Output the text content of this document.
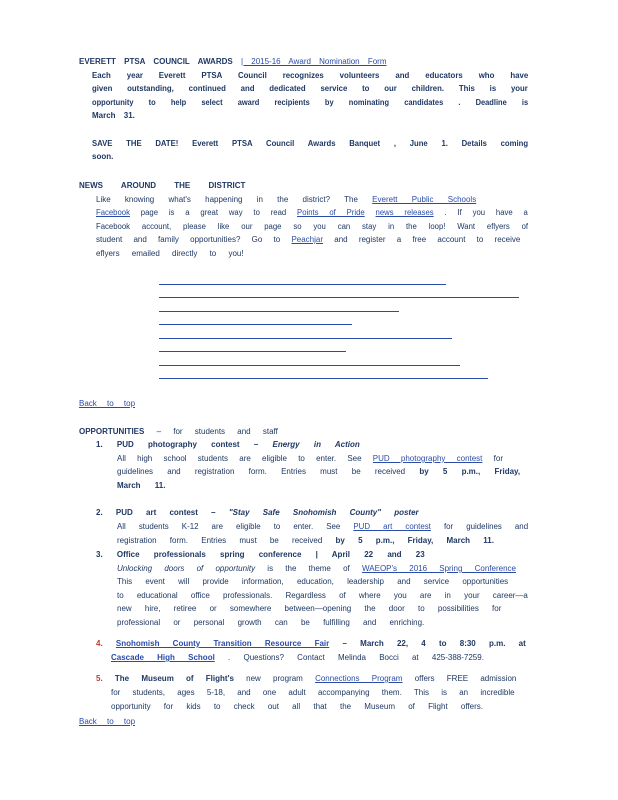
EVERETT PTSA COUNCIL AWARDS | 2015-16 Award Nomination Form
Each year Everett PTSA Council recognizes volunteers and educators who have
given outstanding, continued and dedicated service to our children. This is your
opportunity to help select award recipients by nominating candidates . Deadline is
March 31.
SAVE THE DATE! Everett PTSA Council Awards Banquet , June 1. Details coming
soon.
NEWS AROUND THE DISTRICT
Like knowing what's happening in the district? The Everett Public Schools
Facebook page is a great way to read Points of Pride news releases . If you have a
Facebook account, please like our page so you can stay in the loop! Want eflyers of
student and family opportunities? Go to Peachjar and register a free account to receive
eflyers emailed directly to you!
Back to top
OPPORTUNITIES – for students and staff
1. PUD photography contest – Energy in Action
All high school students are eligible to enter. See PUD photography contest for
guidelines and registration form. Entries must be received by 5 p.m., Friday,
March 11.
2. PUD art contest – "Stay Safe Snohomish County" poster
All students K-12 are eligible to enter. See PUD art contest for guidelines and
registration form. Entries must be received by 5 p.m., Friday, March 11.
3. Office professionals spring conference | April 22 and 23
Unlocking doors of opportunity is the theme of WAEOP's 2016 Spring Conference
This event will provide information, education, leadership and service opportunities
to educational office professionals. Regardless of where you are in your career—a
new hire, retiree or somewhere between—opening the door to possibilities for
professional or personal growth can be fulfilling and enriching.
4. Snohomish County Transition Resource Fair – March 22, 4 to 8:30 p.m. at
Cascade High School . Questions? Contact Melinda Bocci at 425-388-7259.
5. The Museum of Flight's new program Connections Program offers FREE admission
for students, ages 5-18, and one adult accompanying them. This is an incredible
opportunity for kids to check out all that the Museum of Flight offers.
Back to top
